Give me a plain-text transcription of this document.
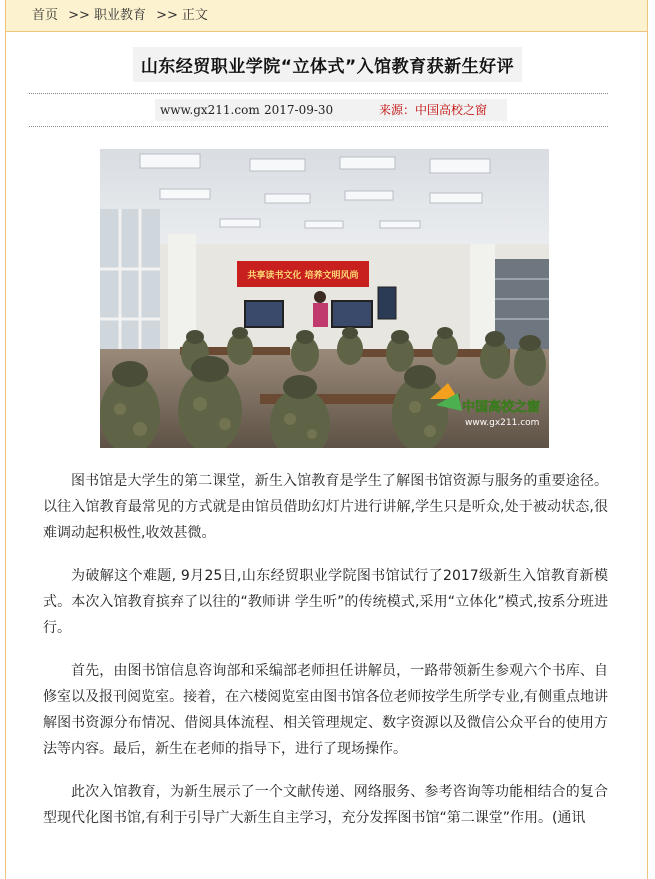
首页 >> 职业教育 >> 正文
山东经贸职业学院“立体式”入馆教育获新生好评
www.gx211.com 2017-09-30	来源：中国高校之窗
共享读书文化 培养文明风尚
中国高校之窗
www.gx211.com

图书馆是大学生的第二课堂，新生入馆教育是学生了解图书馆资源与服务的重要途径。以往入馆教育最常见的方式就是由馆员借助幻灯片进行讲解,学生只是听众,处于被动状态,很难调动起积极性,收效甚微。

为破解这个难题, 9月25日,山东经贸职业学院图书馆试行了2017级新生入馆教育新模式。本次入馆教育摈弃了以往的“教师讲 学生听”的传统模式,采用“立体化”模式,按系分班进行。

首先，由图书馆信息咨询部和采编部老师担任讲解员，一路带领新生参观六个书库、自修室以及报刊阅览室。接着，在六楼阅览室由图书馆各位老师按学生所学专业,有侧重点地讲解图书资源分布情况、借阅具体流程、相关管理规定、数字资源以及微信公众平台的使用方法等内容。最后，新生在老师的指导下，进行了现场操作。

此次入馆教育，为新生展示了一个文献传递、网络服务、参考咨询等功能相结合的复合型现代化图书馆,有利于引导广大新生自主学习，充分发挥图书馆“第二课堂”作用。(通讯
